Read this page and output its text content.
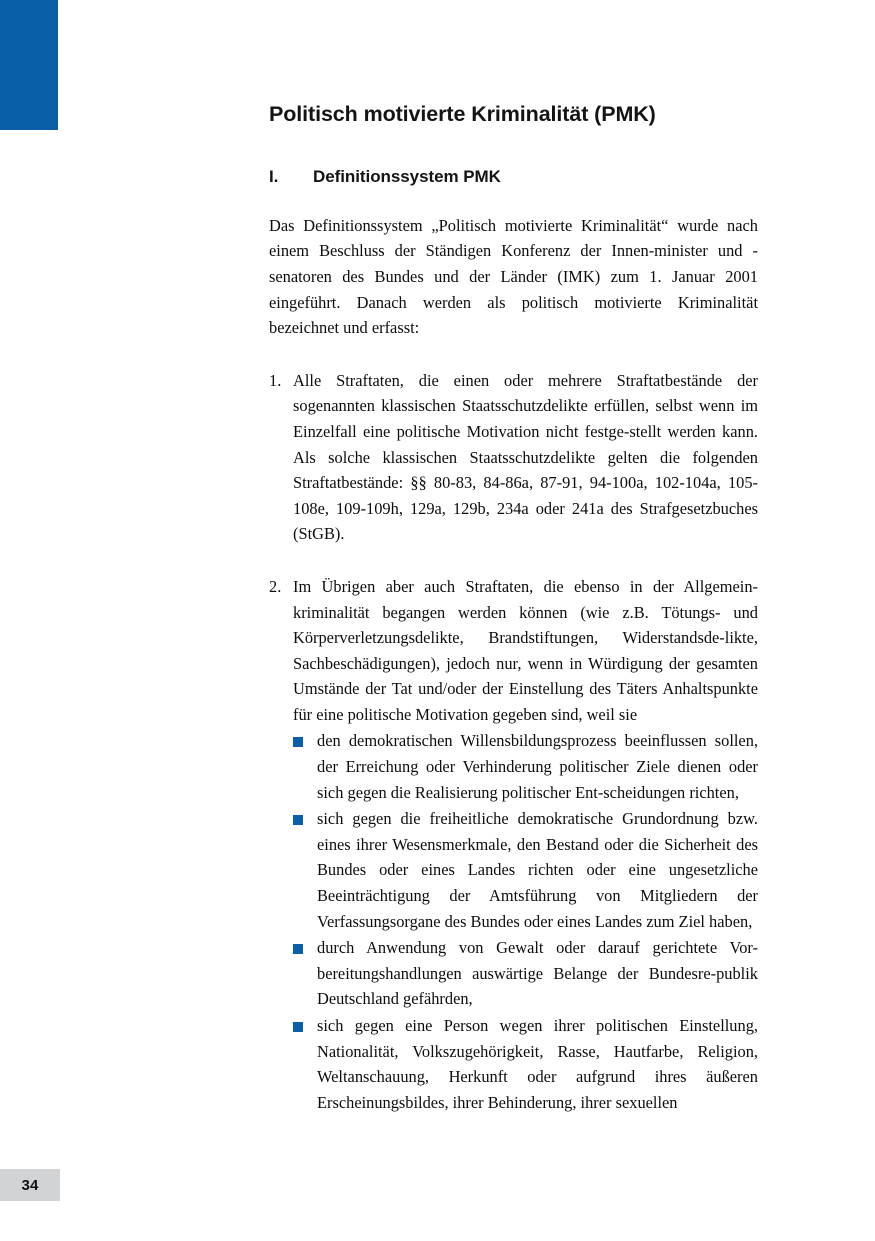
34
Politisch motivierte Kriminalität (PMK)
I.	Definitionssystem PMK

Das Definitionssystem „Politisch motivierte Kriminalität“ wurde nach einem Beschluss der Ständigen Konferenz der Innen-minister und -senatoren des Bundes und der Länder (IMK) zum 1. Januar 2001 eingeführt. Danach werden als politisch motivierte Kriminalität bezeichnet und erfasst:

1. Alle Straftaten, die einen oder mehrere Straftatbestände der sogenannten klassischen Staatsschutzdelikte erfüllen, selbst wenn im Einzelfall eine politische Motivation nicht festge-stellt werden kann. Als solche klassischen Staatsschutzdelikte gelten die folgenden Straftatbestände: §§ 80-83, 84-86a, 87-91, 94-100a, 102-104a, 105-108e, 109-109h, 129a, 129b, 234a oder 241a des Strafgesetzbuches (StGB).
2. Im Übrigen aber auch Straftaten, die ebenso in der Allgemein-kriminalität begangen werden können (wie z.B. Tötungs- und Körperverletzungsdelikte, Brandstiftungen, Widerstandsde-likte, Sachbeschädigungen), jedoch nur, wenn in Würdigung der gesamten Umstände der Tat und/oder der Einstellung des Täters Anhaltspunkte für eine politische Motivation gegeben sind, weil sie
den demokratischen Willensbildungsprozess beeinflussen sollen, der Erreichung oder Verhinderung politischer Ziele dienen oder sich gegen die Realisierung politischer Ent-scheidungen richten,
sich gegen die freiheitliche demokratische Grundordnung bzw. eines ihrer Wesensmerkmale, den Bestand oder die Sicherheit des Bundes oder eines Landes richten oder eine ungesetzliche Beeinträchtigung der Amtsführung von Mitgliedern der Verfassungsorgane des Bundes oder eines Landes zum Ziel haben,
durch Anwendung von Gewalt oder darauf gerichtete Vor-bereitungshandlungen auswärtige Belange der Bundesre-publik Deutschland gefährden,
sich gegen eine Person wegen ihrer politischen Einstellung, Nationalität, Volkszugehörigkeit, Rasse, Hautfarbe, Religion, Weltanschauung, Herkunft oder aufgrund ihres äußeren Erscheinungsbildes, ihrer Behinderung, ihrer sexuellen
